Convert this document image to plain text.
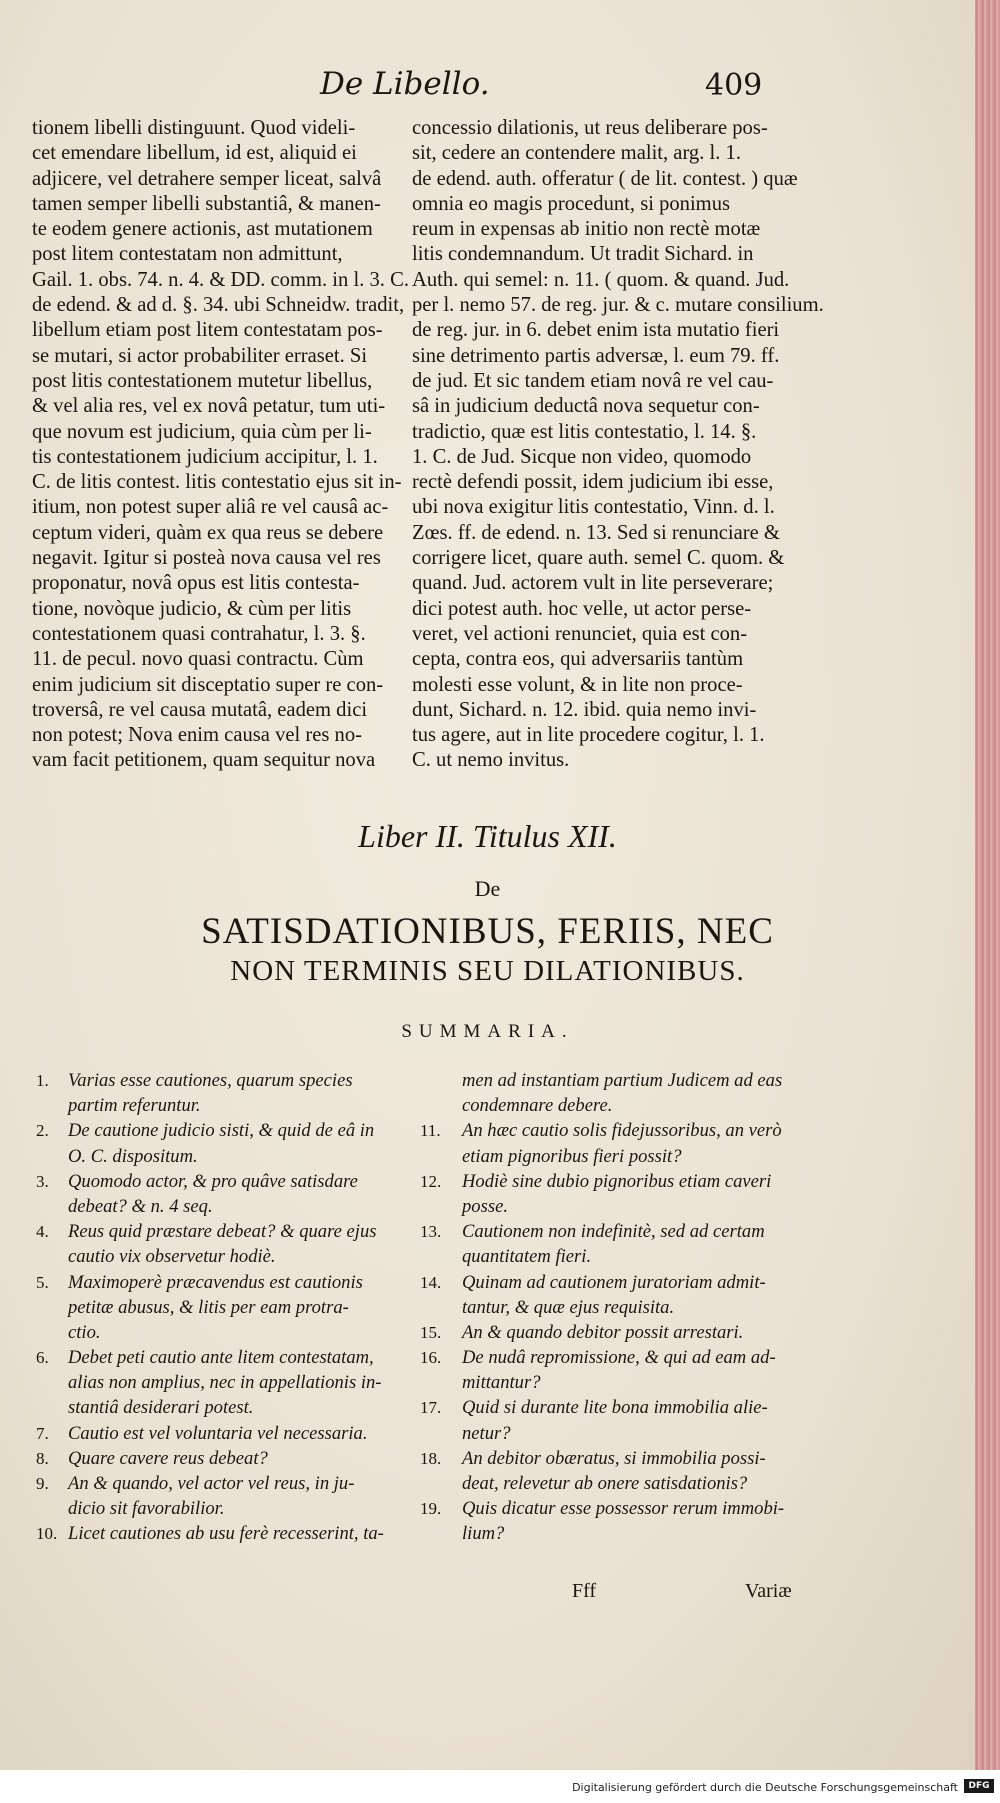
De Libello.	409
tionem libelli distinguunt. Quod videli-
cet emendare libellum, id est, aliquid ei
adjicere, vel detrahere semper liceat, salvâ
tamen semper libelli substantiâ, & manen-
te eodem genere actionis, ast mutationem
post litem contestatam non admittunt,
Gail. 1. obs. 74. n. 4. & DD. comm. in l. 3. C.
de edend. & ad d. §. 34. ubi Schneidw. tradit,
libellum etiam post litem contestatam pos-
se mutari, si actor probabiliter erraset. Si
post litis contestationem mutetur libellus,
& vel alia res, vel ex novâ petatur, tum uti-
que novum est judicium, quia cùm per li-
tis contestationem judicium accipitur, l. 1.
C. de litis contest. litis contestatio ejus sit in-
itium, non potest super aliâ re vel causâ ac-
ceptum videri, quàm ex qua reus se debere
negavit. Igitur si posteà nova causa vel res
proponatur, novâ opus est litis contesta-
tione, novòque judicio, & cùm per litis
contestationem quasi contrahatur, l. 3. §.
11. de pecul. novo quasi contractu. Cùm
enim judicium sit disceptatio super re con-
troversâ, re vel causa mutatâ, eadem dici
non potest; Nova enim causa vel res no-
vam facit petitionem, quam sequitur nova
concessio dilationis, ut reus deliberare pos-
sit, cedere an contendere malit, arg. l. 1.
de edend. auth. offeratur ( de lit. contest. ) quæ
omnia eo magis procedunt, si ponimus
reum in expensas ab initio non rectè motæ
litis condemnandum. Ut tradit Sichard. in
Auth. qui semel: n. 11. ( quom. & quand. Jud.
per l. nemo 57. de reg. jur. & c. mutare consilium.
de reg. jur. in 6. debet enim ista mutatio fieri
sine detrimento partis adversæ, l. eum 79. ff.
de jud. Et sic tandem etiam novâ re vel cau-
sâ in judicium deductâ nova sequetur con-
tradictio, quæ est litis contestatio, l. 14. §.
1. C. de Jud. Sicque non video, quomodo
rectè defendi possit, idem judicium ibi esse,
ubi nova exigitur litis contestatio, Vinn. d. l.
Zœs. ff. de edend. n. 13. Sed si renunciare &
corrigere licet, quare auth. semel C. quom. &
quand. Jud. actorem vult in lite perseverare;
dici potest auth. hoc velle, ut actor perse-
veret, vel actioni renunciet, quia est con-
cepta, contra eos, qui adversariis tantùm
molesti esse volunt, & in lite non proce-
dunt, Sichard. n. 12. ibid. quia nemo invi-
tus agere, aut in lite procedere cogitur, l. 1.
C. ut nemo invitus.
Liber II. Titulus XII.
De
SATISDATIONIBUS, FERIIS, NEC
NON TERMINIS SEU DILATIONIBUS.
SUMMARIA.
1. Varias esse cautiones, quarum species
partim referuntur.
2. De cautione judicio sisti, & quid de eâ in
O. C. dispositum.
3. Quomodo actor, & pro quâve satisdare
debeat? & n. 4 seq.
4. Reus quid præstare debeat? & quare ejus
cautio vix observetur hodiè.
5. Maximoperè præcavendus est cautionis
petitæ abusus, & litis per eam protra-
ctio.
6. Debet peti cautio ante litem contestatam,
alias non amplius, nec in appellationis in-
stantiâ desiderari potest.
7. Cautio est vel voluntaria vel necessaria.
8. Quare cavere reus debeat?
9. An & quando, vel actor vel reus, in ju-
dicio sit favorabilior.
10. Licet cautiones ab usu ferè recesserint, ta-
men ad instantiam partium Judicem ad eas
condemnare debere.
11. An hæc cautio solis fidejussoribus, an verò
etiam pignoribus fieri possit?
12. Hodiè sine dubio pignoribus etiam caveri
posse.
13. Cautionem non indefinitè, sed ad certam
quantitatem fieri.
14. Quinam ad cautionem juratoriam admit-
tantur, & quæ ejus requisita.
15. An & quando debitor possit arrestari.
16. De nudâ repromissione, & qui ad eam ad-
mittantur?
17. Quid si durante lite bona immobilia alie-
netur?
18. An debitor obæratus, si immobilia possi-
deat, relevetur ab onere satisdationis?
19. Quis dicatur esse possessor rerum immobi-
lium?
Fff	Variæ
Digitalisierung gefördert durch die Deutsche Forschungsgemeinschaft	DFG
